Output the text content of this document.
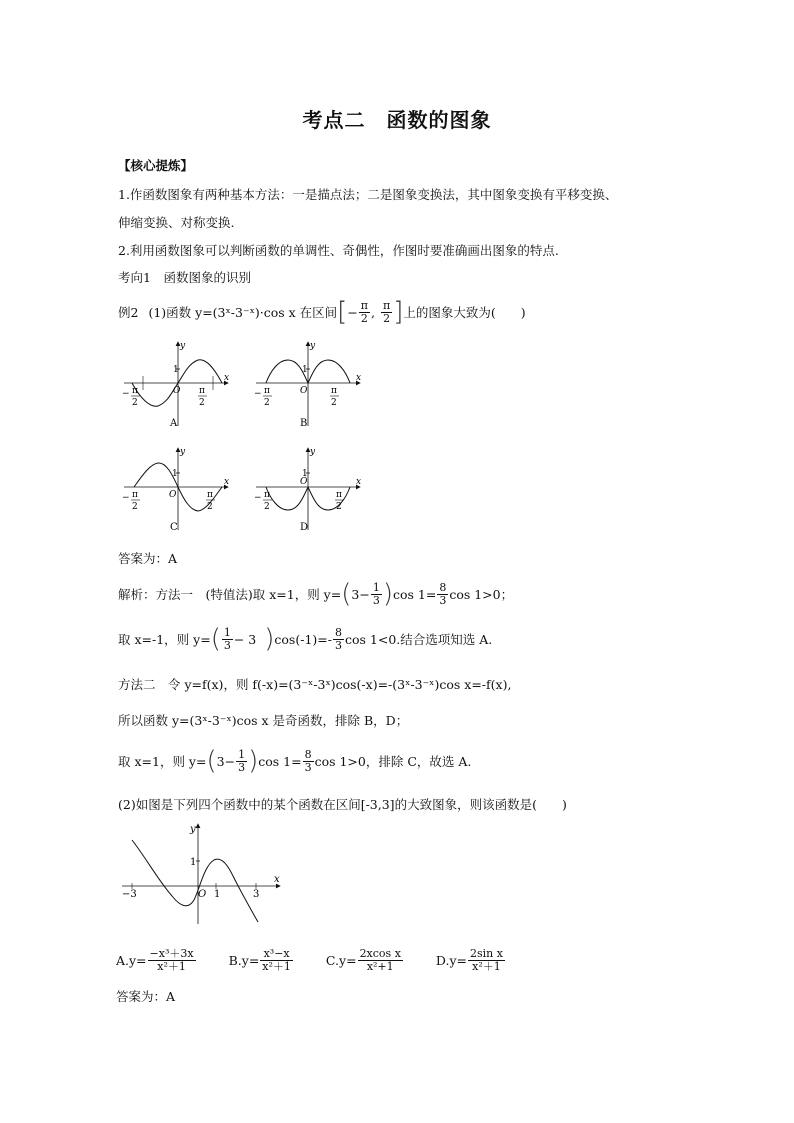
考点二　函数的图象
【核心提炼】
1.作函数图象有两种基本方法：一是描点法；二是图象变换法，其中图象变换有平移变换、
伸缩变换、对称变换.
2.利用函数图象可以判断函数的单调性、奇偶性，作图时要准确画出图象的特点.
考向1　函数图象的识别
例2 (1)函数 y=(3ˣ-3⁻ˣ)·cos x 在区间 [ − $\frac{\pi}{2}$ , $\frac{\pi}{2}$ ] 上的图象大致为(　　)
y
x
1
O
− π
2
π
2
A
y
x
1
O
− π
2
π
2
B
y
x
1
O
− π
2
π
2
C
y
x
1
O
− π
2
π
2
D
答案为：A
解析：方法一　(特值法)取 x=1，则 y= ( $3- \frac{1}{3}$ ) $\cos 1= \frac{8}{3}$ cos 1>0；
取 x=-1，则 y= ( $\frac{1}{3} - 3$ ) $\cos(-1)=- \frac{8}{3}$ cos 1<0.结合选项知选 A.
方法二　令 y=f(x)，则 f(-x)=(3⁻ˣ-3ˣ)cos(-x)=-(3ˣ-3⁻ˣ)cos x=-f(x),
所以函数 y=(3ˣ-3⁻ˣ)cos x 是奇函数，排除 B，D；
取 x=1，则 y= ( $3- \frac{1}{3}$ ) $\cos 1= \frac{8}{3}$ cos 1>0，排除 C，故选 A.
(2)如图是下列四个函数中的某个函数在区间[-3,3]的大致图象，则该函数是(　　)
y
x
1
O
−3	1	3
$A.y= \frac{\text{−x³＋3x}}{\text{x²＋1}}$	$B.y= \frac{\text{x³−x}}{\text{x²＋1}}$	$C.y= \frac{\text{2xcos x}}{\text{x²+1}}$	$D.y= \frac{\text{2sin x}}{\text{x²＋1}}$
答案为：A
